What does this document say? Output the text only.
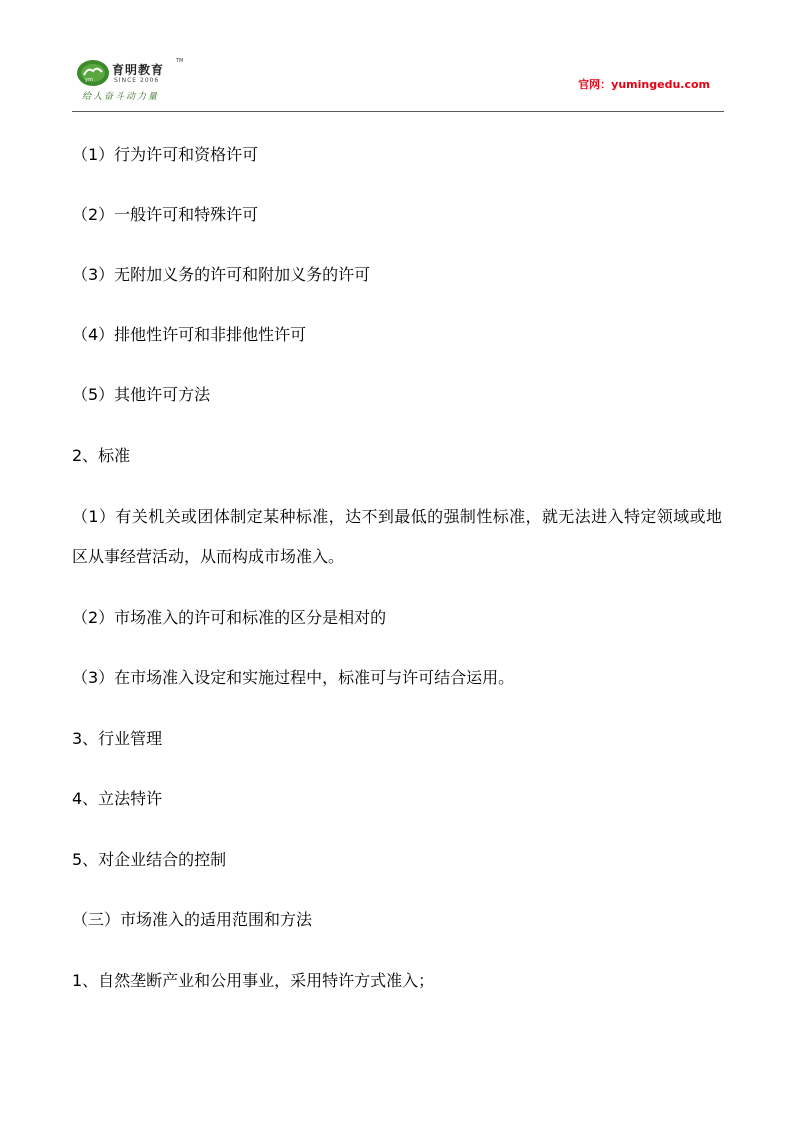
ym
育明教育
TM
SINCE 2006
给人奋斗动力量
官网：yumingedu.com
（1）行为许可和资格许可
（2）一般许可和特殊许可
（3）无附加义务的许可和附加义务的许可
（4）排他性许可和非排他性许可
（5）其他许可方法
2、标准
（1）有关机关或团体制定某种标准，达不到最低的强制性标准，就无法进入特定领域或地区从事经营活动，从而构成市场准入。
（2）市场准入的许可和标准的区分是相对的
（3）在市场准入设定和实施过程中，标准可与许可结合运用。
3、行业管理
4、立法特许
5、对企业结合的控制
（三）市场准入的适用范围和方法
1、自然垄断产业和公用事业，采用特许方式准入；
